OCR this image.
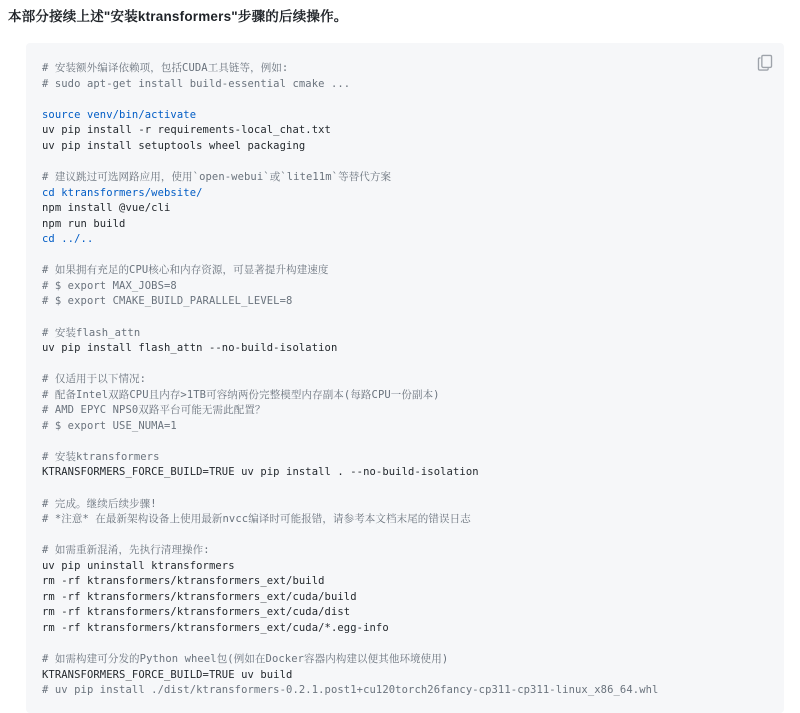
本部分接续上述"安装ktransformers"步骤的后续操作。
# 安装额外编译依赖项，包括CUDA工具链等，例如:
# sudo apt-get install build-essential cmake ...

source venv/bin/activate
uv pip install -r requirements-local_chat.txt
uv pip install setuptools wheel packaging

# 建议跳过可选网路应用，使用`open-webui`或`lite11m`等替代方案
cd ktransformers/website/
npm install @vue/cli
npm run build
cd ../..

# 如果拥有充足的CPU核心和内存资源，可显著提升构建速度
# $ export MAX_JOBS=8
# $ export CMAKE_BUILD_PARALLEL_LEVEL=8

# 安装flash_attn
uv pip install flash_attn --no-build-isolation

# 仅适用于以下情况:
# 配备Intel双路CPU且内存>1TB可容纳两份完整模型内存副本(每路CPU一份副本)
# AMD EPYC NPS0双路平台可能无需此配置？
# $ export USE_NUMA=1

# 安装ktransformers
KTRANSFORMERS_FORCE_BUILD=TRUE uv pip install . --no-build-isolation

# 完成。继续后续步骤!
# *注意* 在最新架构设备上使用最新nvcc编译时可能报错，请参考本文档末尾的错误日志

# 如需重新混淆，先执行清理操作:
uv pip uninstall ktransformers
rm -rf ktransformers/ktransformers_ext/build
rm -rf ktransformers/ktransformers_ext/cuda/build
rm -rf ktransformers/ktransformers_ext/cuda/dist
rm -rf ktransformers/ktransformers_ext/cuda/*.egg-info

# 如需构建可分发的Python wheel包(例如在Docker容器内构建以便其他环境使用)
KTRANSFORMERS_FORCE_BUILD=TRUE uv build
# uv pip install ./dist/ktransformers-0.2.1.post1+cu120torch26fancy-cp311-cp311-linux_x86_64.whl
